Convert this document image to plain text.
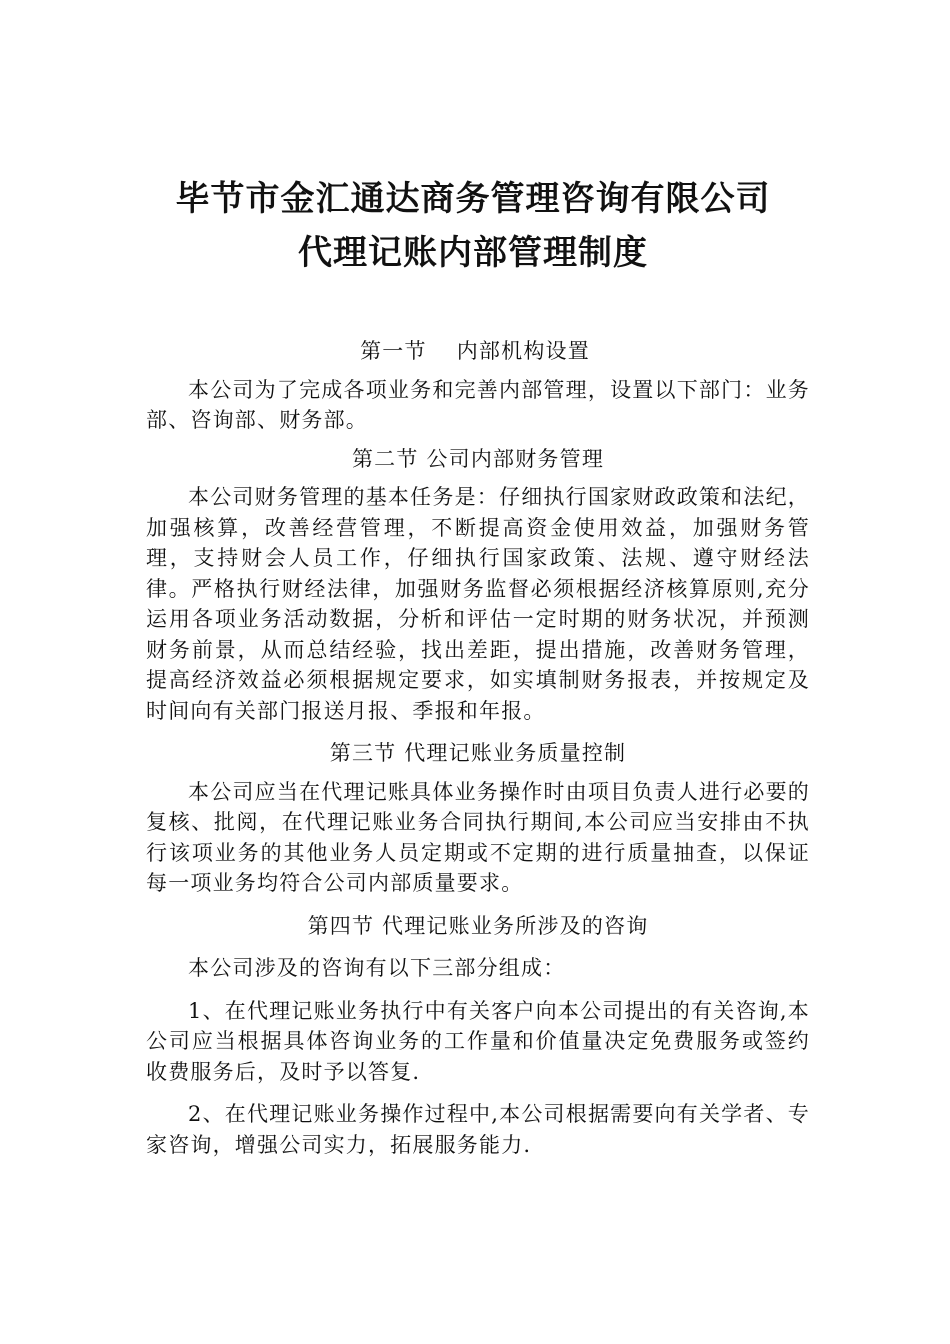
毕节市金汇通达商务管理咨询有限公司
代理记账内部管理制度

第一节　 内部机构设置

本公司为了完成各项业务和完善内部管理，设置以下部门：业务部、咨询部、财务部。

第二节 公司内部财务管理

本公司财务管理的基本任务是：仔细执行国家财政政策和法纪，加强核算，改善经营管理，不断提高资金使用效益，加强财务管理，支持财会人员工作，仔细执行国家政策、法规、遵守财经法律。严格执行财经法律，加强财务监督必须根据经济核算原则,充分运用各项业务活动数据，分析和评估一定时期的财务状况，并预测财务前景，从而总结经验，找出差距，提出措施，改善财务管理，提高经济效益必须根据规定要求，如实填制财务报表，并按规定及时间向有关部门报送月报、季报和年报。

第三节 代理记账业务质量控制

本公司应当在代理记账具体业务操作时由项目负责人进行必要的复核、批阅，在代理记账业务合同执行期间,本公司应当安排由不执行该项业务的其他业务人员定期或不定期的进行质量抽查，以保证每一项业务均符合公司内部质量要求。

第四节 代理记账业务所涉及的咨询

本公司涉及的咨询有以下三部分组成：

1、在代理记账业务执行中有关客户向本公司提出的有关咨询,本公司应当根据具体咨询业务的工作量和价值量决定免费服务或签约 收费服务后，及时予以答复.

2、在代理记账业务操作过程中,本公司根据需要向有关学者、专家咨询，增强公司实力，拓展服务能力.
